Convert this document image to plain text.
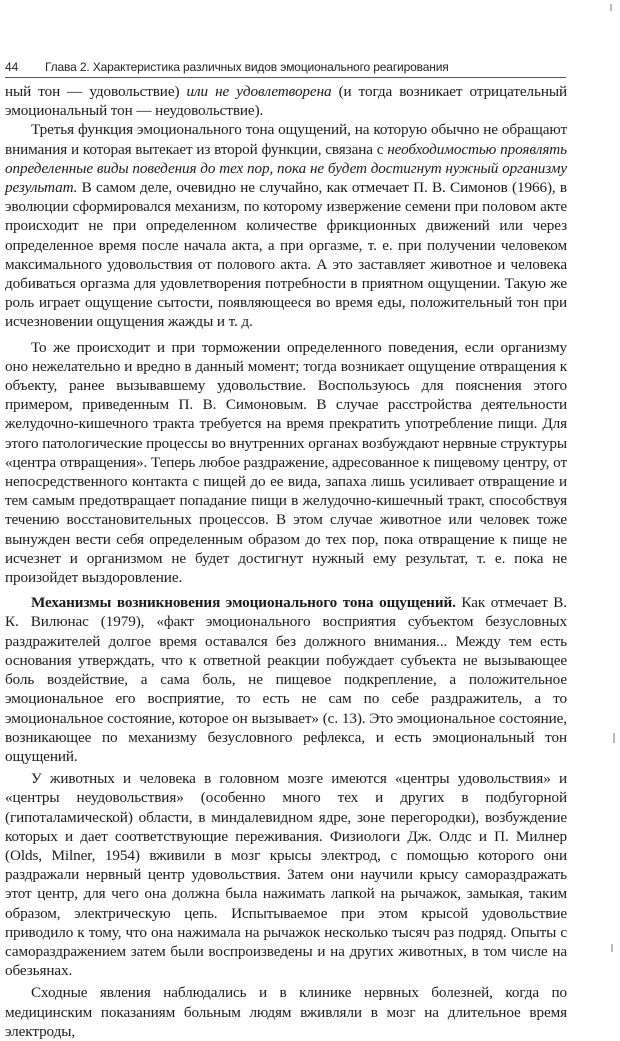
44 Глава 2. Характеристика различных видов эмоционального реагирования

ный тон — удовольствие) или не удовлетворена (и тогда возникает отрицательный эмоциональный тон — неудовольствие).

Третья функция эмоционального тона ощущений, на которую обычно не обращают внимания и которая вытекает из второй функции, связана с необходимостью проявлять определенные виды поведения до тех пор, пока не будет достигнут нужный организму результат. В самом деле, очевидно не случайно, как отмечает П. В. Симонов (1966), в эволюции сформировался механизм, по которому извержение семени при половом акте происходит не при определенном количестве фрикционных движений или через определенное время после начала акта, а при оргазме, т. е. при получении человеком максимального удовольствия от полового акта. А это заставляет животное и человека добиваться оргазма для удовлетворения потребности в приятном ощущении. Такую же роль играет ощущение сытости, появляющееся во время еды, положительный тон при исчезновении ощущения жажды и т. д.

То же происходит и при торможении определенного поведения, если организму оно нежелательно и вредно в данный момент; тогда возникает ощущение отвращения к объекту, ранее вызывавшему удовольствие. Воспользуюсь для пояснения этого примером, приведенным П. В. Симоновым. В случае расстройства деятельности желудочно-кишечного тракта требуется на время прекратить употребление пищи. Для этого патологические процессы во внутренних органах возбуждают нервные структуры «центра отвращения». Теперь любое раздражение, адресованное к пищевому центру, от непосредственного контакта с пищей до ее вида, запаха лишь усиливает отвращение и тем самым предотвращает попадание пищи в желудочно-кишечный тракт, способствуя течению восстановительных процессов. В этом случае животное или человек тоже вынужден вести себя определенным образом до тех пор, пока отвращение к пище не исчезнет и организмом не будет достигнут нужный ему результат, т. е. пока не произойдет выздоровление.

Механизмы возникновения эмоционального тона ощущений. Как отмечает В. К. Вилюнас (1979), «факт эмоционального восприятия субъектом безусловных раздражителей долгое время оставался без должного внимания... Между тем есть основания утверждать, что к ответной реакции побуждает субъекта не вызывающее боль воздействие, а сама боль, не пищевое подкрепление, а положительное эмоциональное его восприятие, то есть не сам по себе раздражитель, а то эмоциональное состояние, которое он вызывает» (с. 13). Это эмоциональное состояние, возникающее по механизму безусловного рефлекса, и есть эмоциональный тон ощущений.

У животных и человека в головном мозге имеются «центры удовольствия» и «центры неудовольствия» (особенно много тех и других в подбугорной (гипоталамической) области, в миндалевидном ядре, зоне перегородки), возбуждение которых и дает соответствующие переживания. Физиологи Дж. Олдс и П. Милнер (Olds, Milner, 1954) вживили в мозг крысы электрод, с помощью которого они раздражали нервный центр удовольствия. Затем они научили крысу самораздражать этот центр, для чего она должна была нажимать лапкой на рычажок, замыкая, таким образом, электрическую цепь. Испытываемое при этом крысой удовольствие приводило к тому, что она нажимала на рычажок несколько тысяч раз подряд. Опыты с самораздражением затем были воспроизведены и на других животных, в том числе на обезьянах.

Сходные явления наблюдались и в клинике нервных болезней, когда по медицинским показаниям больным людям вживляли в мозг на длительное время электроды,
